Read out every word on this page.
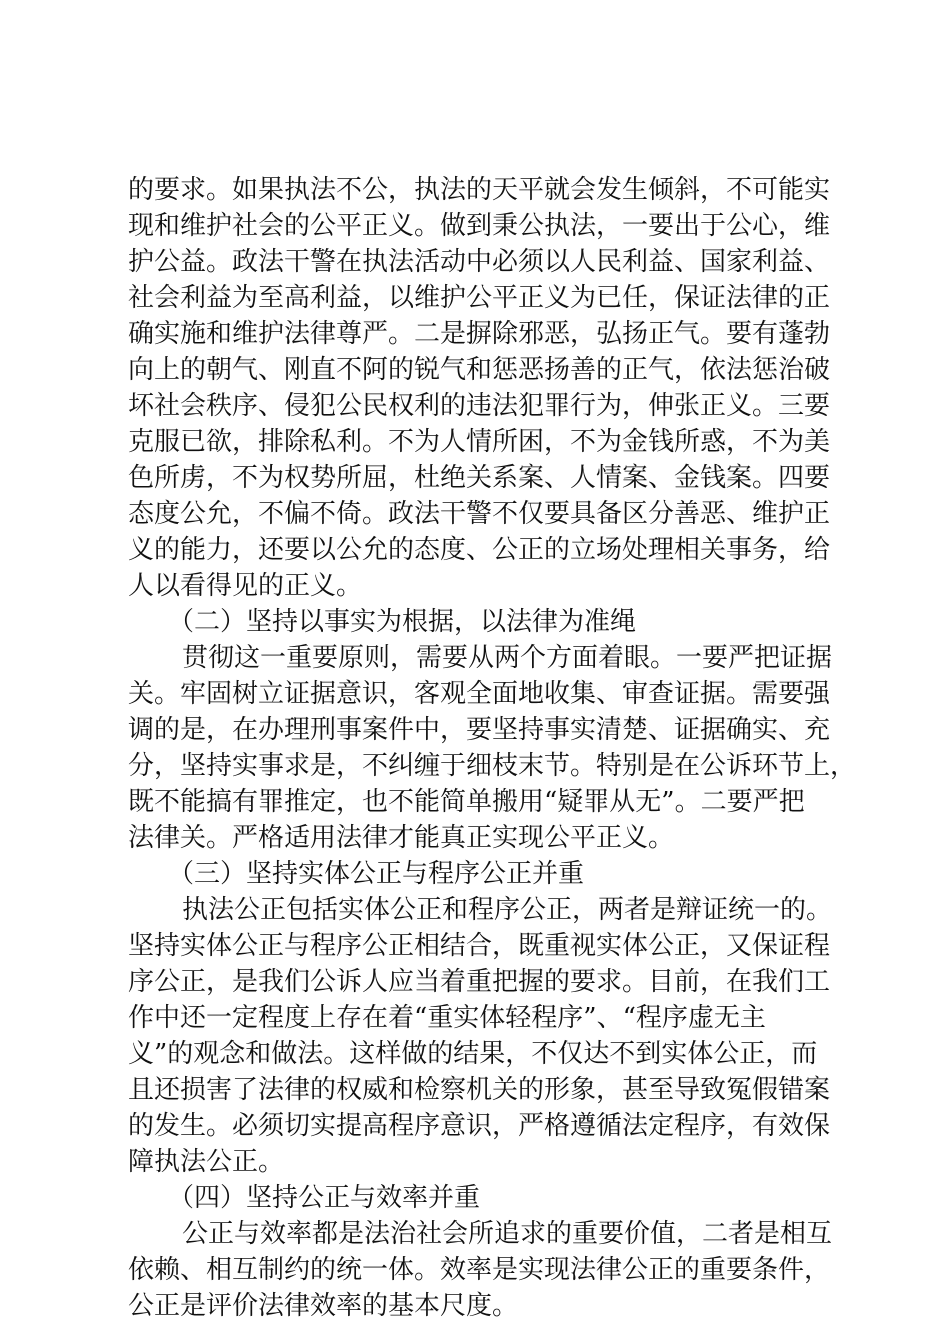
的要求。如果执法不公，执法的天平就会发生倾斜，不可能实
现和维护社会的公平正义。做到秉公执法，一要出于公心，维
护公益。政法干警在执法活动中必须以人民利益、国家利益、
社会利益为至高利益，以维护公平正义为已任，保证法律的正
确实施和维护法律尊严。二是摒除邪恶，弘扬正气。要有蓬勃
向上的朝气、刚直不阿的锐气和惩恶扬善的正气，依法惩治破
坏社会秩序、侵犯公民权利的违法犯罪行为，伸张正义。三要
克服已欲，排除私利。不为人情所困，不为金钱所惑，不为美
色所虏，不为权势所屈，杜绝关系案、人情案、金钱案。四要
态度公允，不偏不倚。政法干警不仅要具备区分善恶、维护正
义的能力，还要以公允的态度、公正的立场处理相关事务，给
人以看得见的正义。
（二）坚持以事实为根据，以法律为准绳
贯彻这一重要原则，需要从两个方面着眼。一要严把证据
关。牢固树立证据意识，客观全面地收集、审查证据。需要强
调的是，在办理刑事案件中，要坚持事实清楚、证据确实、充
分，坚持实事求是，不纠缠于细枝末节。特别是在公诉环节上，
既不能搞有罪推定，也不能简单搬用“疑罪从无”。二要严把
法律关。严格适用法律才能真正实现公平正义。
（三）坚持实体公正与程序公正并重
执法公正包括实体公正和程序公正，两者是辩证统一的。
坚持实体公正与程序公正相结合，既重视实体公正，又保证程
序公正，是我们公诉人应当着重把握的要求。目前，在我们工
作中还一定程度上存在着“重实体轻程序”、“程序虚无主
义”的观念和做法。这样做的结果，不仅达不到实体公正，而
且还损害了法律的权威和检察机关的形象，甚至导致冤假错案
的发生。必须切实提高程序意识，严格遵循法定程序，有效保
障执法公正。
（四）坚持公正与效率并重
公正与效率都是法治社会所追求的重要价值，二者是相互
依赖、相互制约的统一体。效率是实现法律公正的重要条件，
公正是评价法律效率的基本尺度。
